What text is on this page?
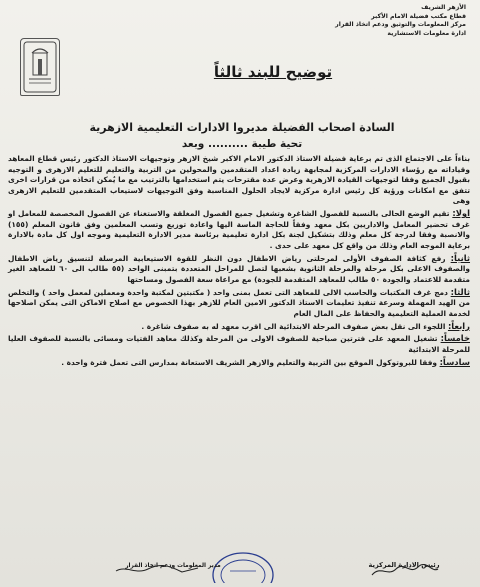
الأزهر الشريف
قطاع مكتب فضيلة الامام الأكبر
مركز المعلومات والتوثيق ودعم اتخاذ القرار
ادارة معلومات الاستشارية
توضيح للبند ثالثاً
السادة اصحاب الفضيلة مديروا الادارات التعليمية الازهرية
تحية طيبة .......... وبعد

بناءاً على الاجتماع الذى تم برعاية فضيلة الاستاذ الدكتور الامام الاكبر شيخ الازهر وتوجيهات الاستاذ الدكتور رئيس قطاع المعاهد وقياداته مع رؤساء الادارات المركزية لمجابهة زيادة اعداد المتقدمين والمحولين من التربية والتعليم للتعليم الازهرى و التوجيه بقبول الجميع وفقا لتوجيهات القيادة الازهرية وعرض عدة مقترحات يتم استخدامها بالترتيب مع ما يُمكن اتخاذه من قرارات اخرى تتفق مع امكانات ورؤية كل رئيس ادارة مركزية لايجاد الحلول المناسبة وفق التوجيهات لاستيعاب المتقدمين للتعليم الازهرى وهى

اولا: تقيم الوضع الحالى بالنسبة للفصول الشاغرة وتشغيل جميع الفصول المغلقة والاستغناء عن الفصول المخصصة للمعامل او غرف تحضير المعامل والاداريين بكل معهد وفقاً للحاجة الماسة اليها واعادة توزيع وتسب المعلمين وفق قانون المعلم (١٥٥) والانصبة وفقا لدرجة كل معلم وذلك بتشكيل لجنة بكل ادارة تعليمية برئاسة مدير الادارة التعليمية وموجه اول كل مادة بالادارة برعاية الموجه العام وذلك من واقع كل معهد على حدى .

ثانياً: رفع كثافة الصفوف الأولى لمرحلتى رياض الاطفال دون النظر للقوة الاستيعابية المرسلة لتنسيق رياض الاطفال والصفوف الاعلى بكل مرحلة والمرحلة الثانوية بشعبها لتصل للمراحل المتعددة بتمبنى الواحد (٥٥ طالب الى ٦٠ للمعاهد الغير متقدمة للاعتماد والجودة ٥٠ طالب للمعاهد المتقدمة للجودة) مع مراعاة سعة الفصول ومساحتها

ثالثا: دمج غرف المكتبات والحاسب الالى للمعاهد التى تعمل بمنى واحد ( مكتبتين لمكتبة واحدة ومعملين لمعمل واحد ) والتخلص من الهيد المهملة وسرعة تنفيذ تعليمات الاستاذ الدكتور الامين العام للازهر بهذا الخصوص مع اصلاح الاماكن التى يمكن اصلاحها لخدمة العملية التعليمية والحفاظ على المال العام

رابعاً: اللجوء الى نقل بعض صفوف المرحلة الابتدائية الى اقرب معهد له به صفوف شاغرة .

خامساً: تشغيل المعهد على فترتين صباحية للصفوف الاولى من المرحلة وكذلك معاهد الفتيات ومسائى بالنسبة للصفوف العليا للمرحلة الابتدائية

سادساً: وفقا للبروتوكول الموقع بين التربية والتعليم والازهر الشريف الاستعانة بمدارس التى تعمل فترة واحدة .

رئيس الادارة المركزية
مدير المعلومات ودعم اتخاذ القرار
